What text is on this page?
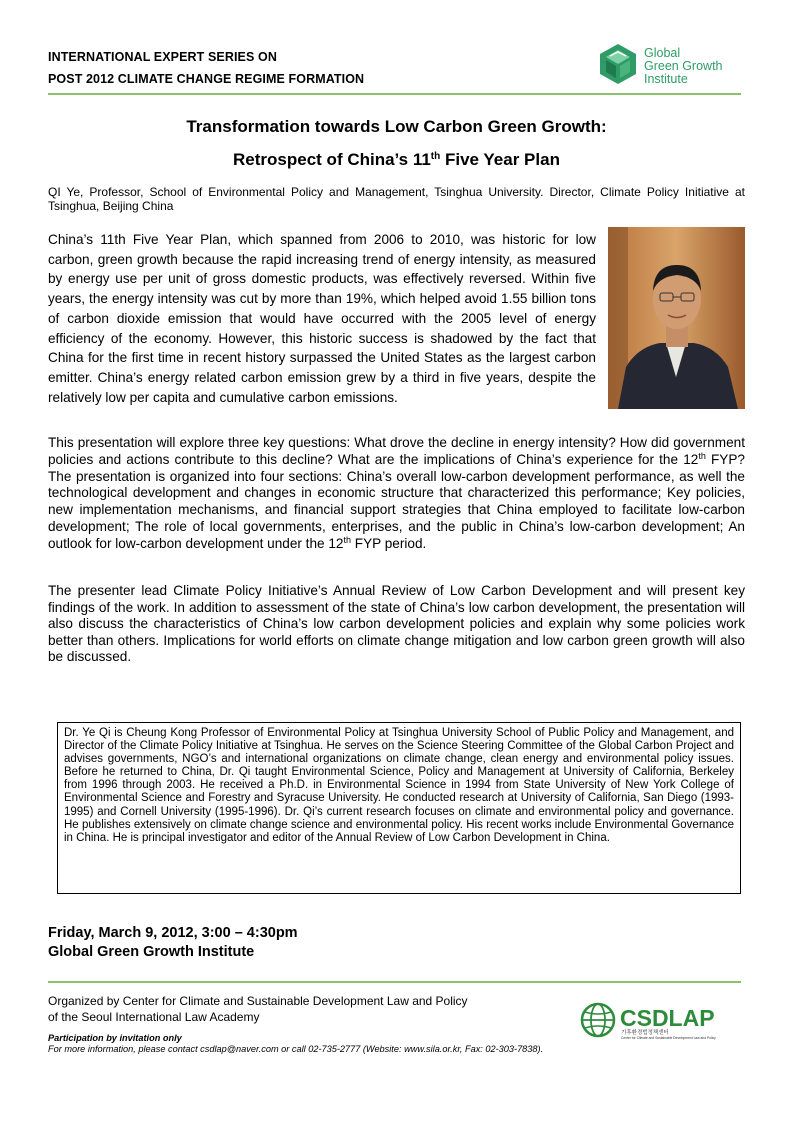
INTERNATIONAL EXPERT SERIES ON
POST 2012 CLIMATE CHANGE REGIME FORMATION
Global
Green Growth
Institute
Transformation towards Low Carbon Green Growth:
Retrospect of China’s 11th Five Year Plan
QI Ye, Professor, School of Environmental Policy and Management, Tsinghua University. Director, Climate Policy Initiative at Tsinghua, Beijing China
China’s 11th Five Year Plan, which spanned from 2006 to 2010, was historic for low carbon, green growth because the rapid increasing trend of energy intensity, as measured by energy use per unit of gross domestic products, was effectively reversed. Within five years, the energy intensity was cut by more than 19%, which helped avoid 1.55 billion tons of carbon dioxide emission that would have occurred with the 2005 level of energy efficiency of the economy. However, this historic success is shadowed by the fact that China for the first time in recent history surpassed the United States as the largest carbon emitter. China’s energy related carbon emission grew by a third in five years, despite the relatively low per capita and cumulative carbon emissions.
This presentation will explore three key questions: What drove the decline in energy intensity? How did government policies and actions contribute to this decline? What are the implications of China’s experience for the 12th FYP? The presentation is organized into four sections: China’s overall low-carbon development performance, as well the technological development and changes in economic structure that characterized this performance; Key policies, new implementation mechanisms, and financial support strategies that China employed to facilitate low-carbon development; The role of local governments, enterprises, and the public in China’s low-carbon development; An outlook for low-carbon development under the 12th FYP period.
The presenter lead Climate Policy Initiative’s Annual Review of Low Carbon Development and will present key findings of the work. In addition to assessment of the state of China’s low carbon development, the presentation will also discuss the characteristics of China’s low carbon development policies and explain why some policies work better than others. Implications for world efforts on climate change mitigation and low carbon green growth will also be discussed.
Dr. Ye Qi is Cheung Kong Professor of Environmental Policy at Tsinghua University School of Public Policy and Management, and Director of the Climate Policy Initiative at Tsinghua. He serves on the Science Steering Committee of the Global Carbon Project and advises governments, NGO’s and international organizations on climate change, clean energy and environmental policy issues. Before he returned to China, Dr. Qi taught Environmental Science, Policy and Management at University of California, Berkeley from 1996 through 2003. He received a Ph.D. in Environmental Science in 1994 from State University of New York College of Environmental Science and Forestry and Syracuse University. He conducted research at University of California, San Diego (1993-1995) and Cornell University (1995-1996). Dr. Qi’s current research focuses on climate and environmental policy and governance. He publishes extensively on climate change science and environmental policy. His recent works include Environmental Governance in China. He is principal investigator and editor of the Annual Review of Low Carbon Development in China.
Friday, March 9, 2012, 3:00 – 4:30pm
Global Green Growth Institute
Organized by Center for Climate and Sustainable Development Law and Policy
of the Seoul International Law Academy	CSDLAP
기후환경법정책센터
Center for Climate and Sustainable Development Law and Policy
Participation by invitation only
For more information, please contact csdlap@naver.com or call 02-735-2777 (Website: www.sila.or.kr, Fax: 02-303-7838).
